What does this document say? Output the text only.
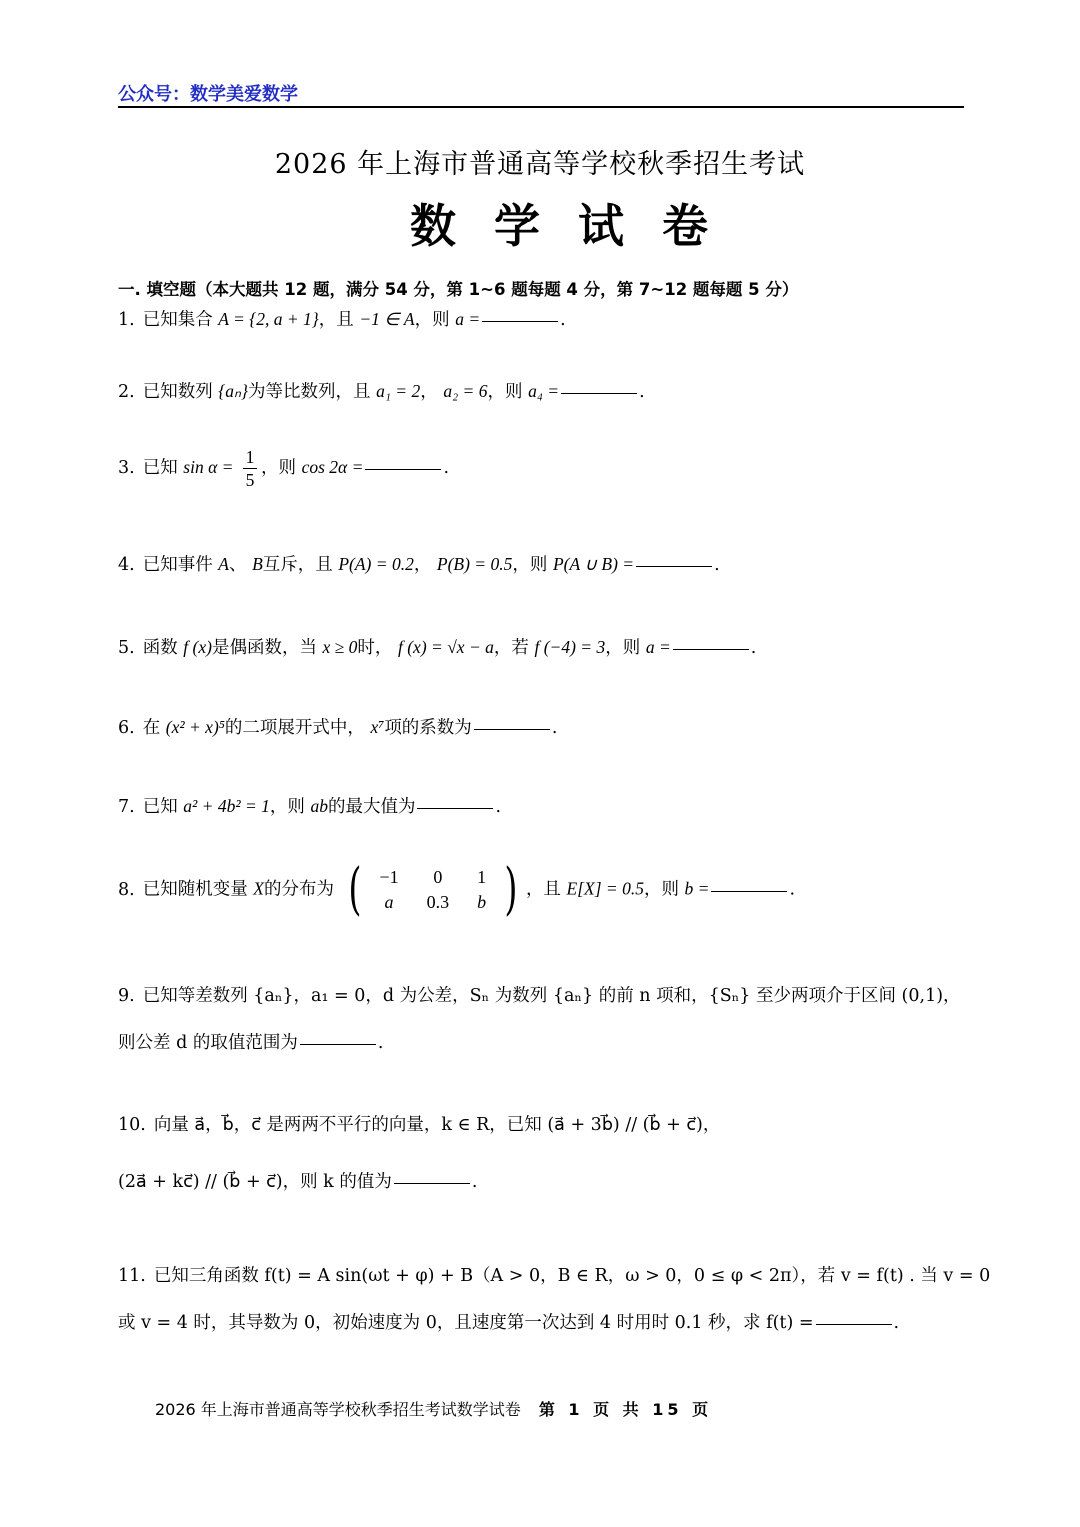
公众号：数学美爱数学
2026 年上海市普通高等学校秋季招生考试
数学试卷
一. 填空题（本大题共 12 题，满分 54 分，第 1~6 题每题 4 分，第 7~12 题每题 5 分）
1. 已知集合 A = {2, a + 1}，且 −1 ∈ A，则 a =	.
2. 已知数列 {aₙ}为等比数列，且 a₁ = 2， a₂ = 6，则 a₄ =	.
3. 已知 $\sin \alpha = \frac{1}{5}$ ，则 cos 2α =	.
4. 已知事件 A、 B互斥，且 P(A) = 0.2， P(B) = 0.5，则 P(A ∪ B) =	.
5. 函数 f (x)是偶函数，当 x ≥ 0时， f (x) = √x − a，若 f (−4) = 3，则 a =	.
6. 在 (x² + x)⁵的二项展开式中， x⁷项的系数为	.
7. 已知 a² + 4b² = 1，则 ab的最大值为	.
8. 已知随机变量 X的分布为 ( −1	0	1
a	0.3	b ) ，且 E[X] = 0.5，则 b =	.
9. 已知等差数列 {aₙ}，a₁ = 0，d 为公差，Sₙ 为数列 {aₙ} 的前 n 项和，{Sₙ} 至少两项介于区间 (0,1)，
则公差 d 的取值范围为	.
10. 向量 a⃗，b⃗，c⃗ 是两两不平行的向量，k ∈ R，已知 (a⃗ + 3b⃗) // (b⃗ + c⃗)，
(2a⃗ + kc⃗) // (b⃗ + c⃗)，则 k 的值为	.
11. 已知三角函数 f(t) = A sin(ωt + φ) + B（A > 0，B ∈ R，ω > 0，0 ≤ φ < 2π），若 v = f(t) . 当 v = 0
或 v = 4 时，其导数为 0，初始速度为 0，且速度第一次达到 4 时用时 0.1 秒，求 f(t) =	.
2026 年上海市普通高等学校秋季招生考试数学试卷 第 1 页 共 15 页
